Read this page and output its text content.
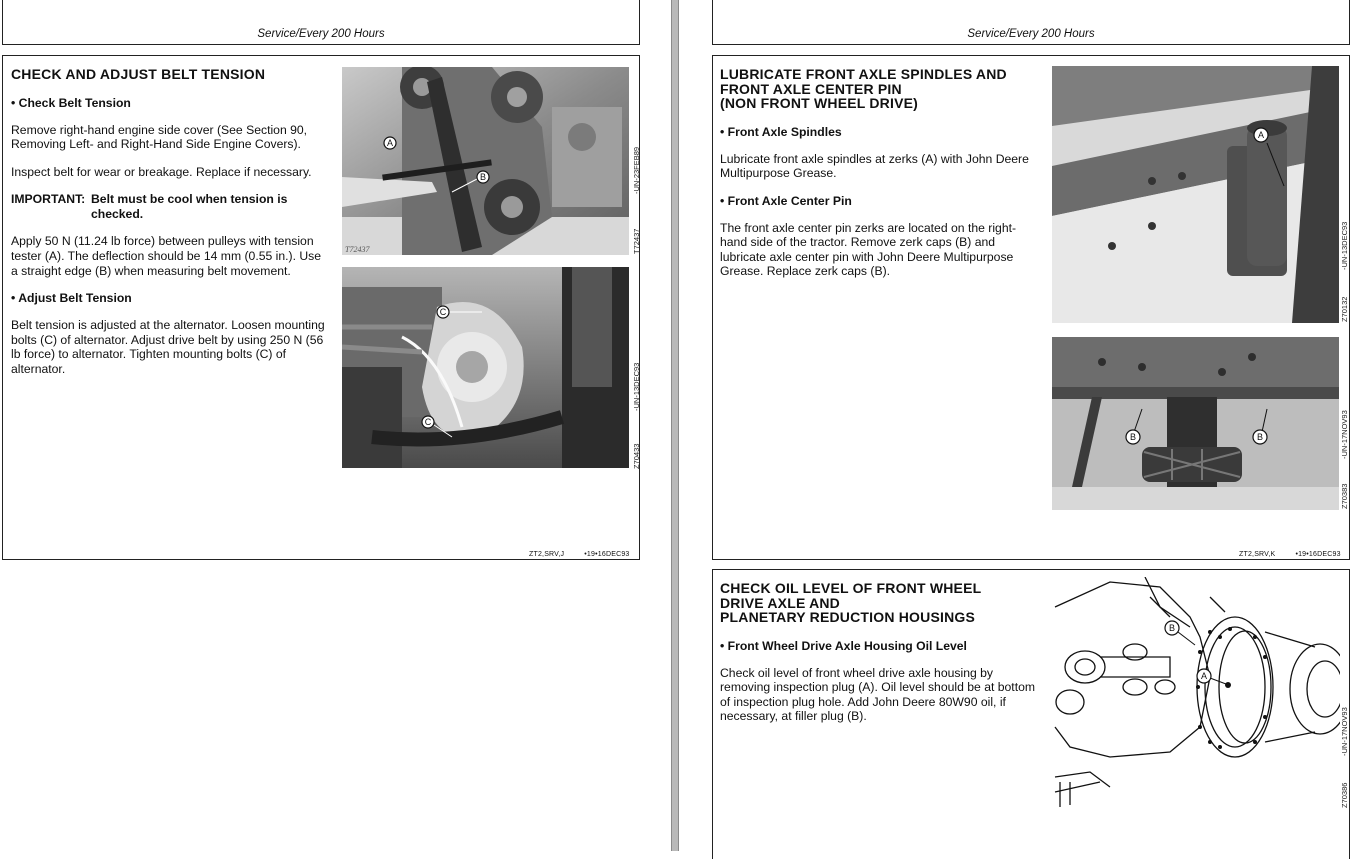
Service/Every 200 Hours
CHECK AND ADJUST BELT TENSION
• Check Belt Tension

Remove right-hand engine side cover (See Section 90, Removing Left- and Right-Hand Side Engine Covers).

Inspect belt for wear or breakage. Replace if necessary.

IMPORTANT: Belt must be cool when tension is checked.

Apply 50 N (11.24 lb force) between pulleys with tension tester (A). The deflection should be 14 mm (0.55 in.). Use a straight edge (B) when measuring belt movement.

• Adjust Belt Tension

Belt tension is adjusted at the alternator. Loosen mounting bolts (C) of alternator. Adjust drive belt by using 250 N (56 lb force) to alternator. Tighten mounting bolts (C) of alternator.

T72437
A
B	-UN-23FEB89
T72437
C
C
-UN-13DEC93
Z70433
ZT2,SRV,J	•19•16DEC93
Service/Every 200 Hours
LUBRICATE FRONT AXLE SPINDLES AND
FRONT AXLE CENTER PIN
(NON FRONT WHEEL DRIVE)
• Front Axle Spindles

Lubricate front axle spindles at zerks (A) with John Deere Multipurpose Grease.

• Front Axle Center Pin

The front axle center pin zerks are located on the right-hand side of the tractor. Remove zerk caps (B) and lubricate axle center pin with John Deere Multipurpose Grease. Replace zerk caps (B).

A
-UN-13DEC93
Z70132
B	B	-UN-17NOV93
Z70383
ZT2,SRV,K	•19•16DEC93
CHECK OIL LEVEL OF FRONT WHEEL
DRIVE AXLE AND
PLANETARY REDUCTION HOUSINGS
• Front Wheel Drive Axle Housing Oil Level

Check oil level of front wheel drive axle housing by removing inspection plug (A). Oil level should be at bottom of inspection plug hole. Add John Deere 80W90 oil, if necessary, at filler plug (B).

A
B
-UN-17NOV93
Z70386
